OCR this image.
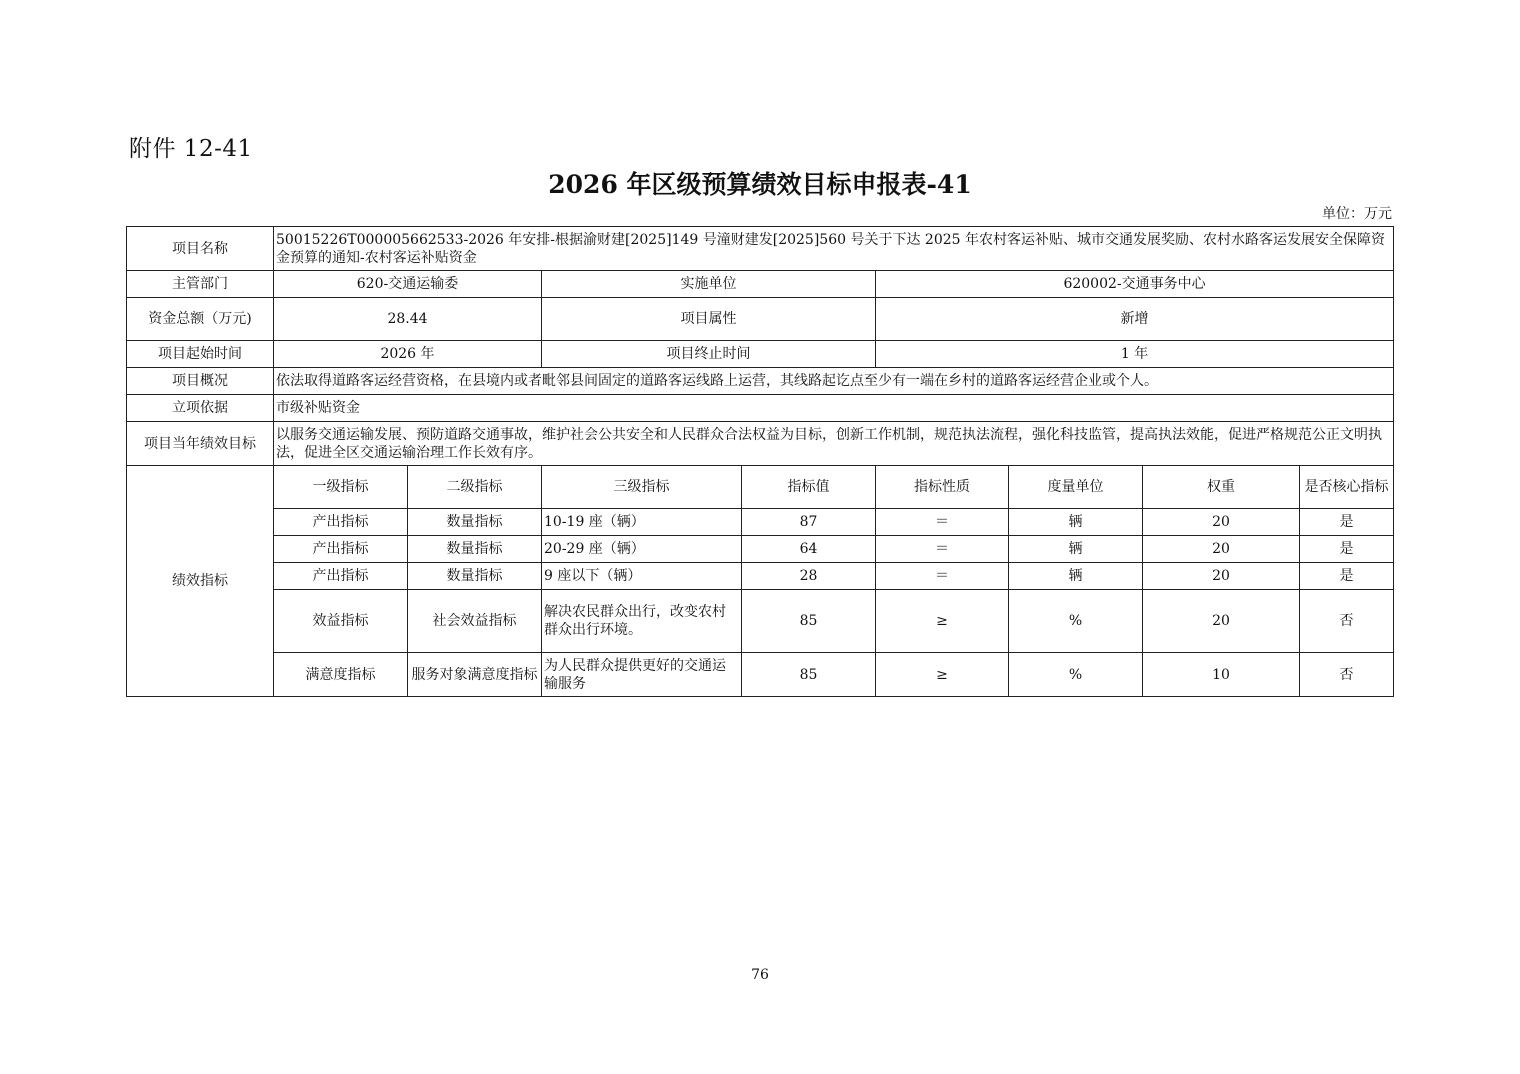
附件 12-41
2026 年区级预算绩效目标申报表-41
单位：万元
项目名称	50015226T000005662533-2026 年安排-根据渝财建[2025]149 号潼财建发[2025]560 号关于下达 2025 年农村客运补贴、城市交通发展奖励、农村水路客运发展安全保障资金预算的通知-农村客运补贴资金							
主管部门	620-交通运输委		实施单位		620002-交通事务中心			
资金总额（万元)	28.44		项目属性		新增			
项目起始时间	2026 年		项目终止时间		1 年			
项目概况	依法取得道路客运经营资格，在县境内或者毗邻县间固定的道路客运线路上运营，其线路起讫点至少有一端在乡村的道路客运经营企业或个人。							
立项依据	市级补贴资金							
项目当年绩效目标	以服务交通运输发展、预防道路交通事故，维护社会公共安全和人民群众合法权益为目标，创新工作机制，规范执法流程，强化科技监管，提高执法效能，促进严格规范公正文明执法，促进全区交通运输治理工作长效有序。							
绩效指标	一级指标	二级指标	三级指标	指标值	指标性质	度量单位	权重	是否核心指标
	产出指标	数量指标	10-19 座（辆）	87	＝	辆	20	是
	产出指标	数量指标	20-29 座（辆）	64	＝	辆	20	是
	产出指标	数量指标	9 座以下（辆）	28	＝	辆	20	是
	效益指标	社会效益指标	解决农民群众出行，改变农村群众出行环境。	85	≥	%	20	否
	满意度指标	服务对象满意度指标	为人民群众提供更好的交通运输服务	85	≥	%	10	否
76
